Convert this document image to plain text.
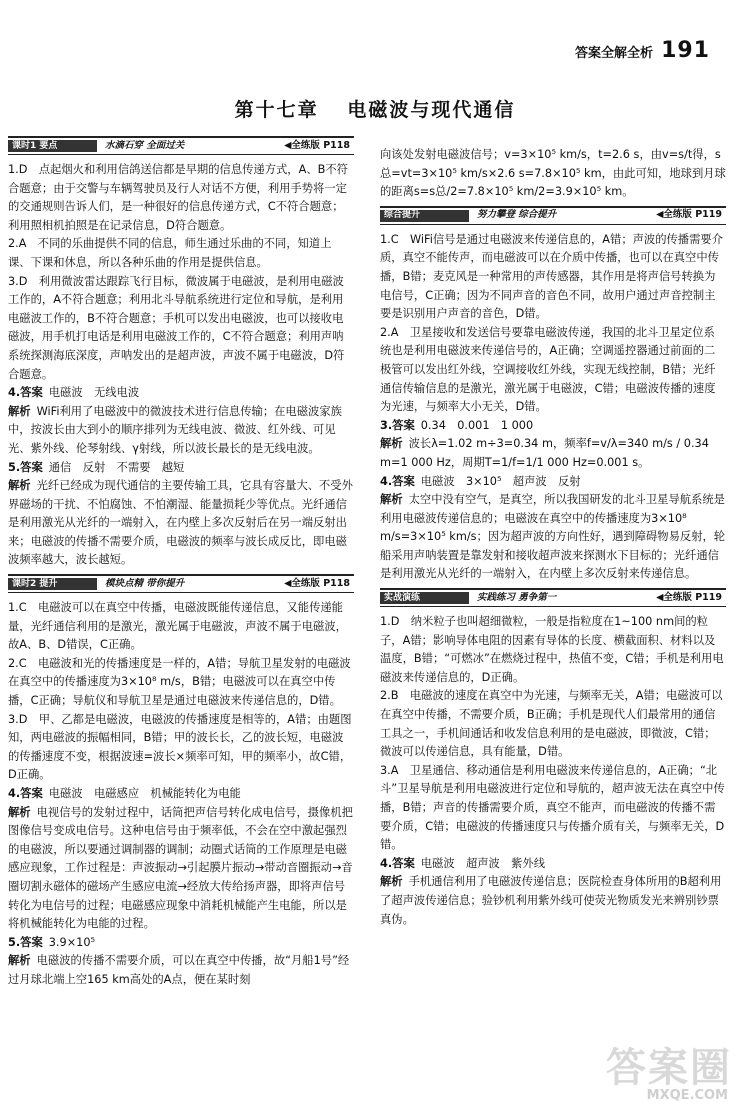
答案全解全析 191
第十七章 电磁波与现代通信
课时1 要点	水滴石穿 全面过关	◀全练版 P118

1.D　点起烟火和利用信鸽送信都是早期的信息传递方式，A、B不符合题意；由于交警与车辆驾驶员及行人对话不方便，利用手势将一定的交通规则告诉人们，是一种很好的信息传递方式，C不符合题意；利用照相机拍照是在记录信息，D符合题意。

2.A　不同的乐曲提供不同的信息，师生通过乐曲的不同，知道上课、下课和休息，所以各种乐曲的作用是提供信息。

3.D　利用微波雷达跟踪飞行目标，微波属于电磁波，是利用电磁波工作的，A不符合题意；利用北斗导航系统进行定位和导航，是利用电磁波工作的，B不符合题意；手机可以发出电磁波，也可以接收电磁波，用手机打电话是利用电磁波工作的，C不符合题意；利用声呐系统探测海底深度，声呐发出的是超声波，声波不属于电磁波，D符合题意。

4.答案 电磁波　无线电波

解析 WiFi利用了电磁波中的微波技术进行信息传输；在电磁波家族中，按波长由大到小的顺序排列为无线电波、微波、红外线、可见光、紫外线、伦琴射线、γ射线，所以波长最长的是无线电波。

5.答案 通信　反射　不需要　越短

解析 光纤已经成为现代通信的主要传输工具，它具有容量大、不受外界磁场的干扰、不怕腐蚀、不怕潮湿、能量损耗少等优点。光纤通信是利用激光从光纤的一端射入，在内壁上多次反射后在另一端反射出来；电磁波的传播不需要介质，电磁波的频率与波长成反比，即电磁波频率越大，波长越短。

课时2 提升	模块点精 带你提升	◀全练版 P118

1.C　电磁波可以在真空中传播，电磁波既能传递信息，又能传递能量，光纤通信利用的是激光，激光属于电磁波，声波不属于电磁波，故A、B、D错误，C正确。

2.C　电磁波和光的传播速度是一样的，A错；导航卫星发射的电磁波在真空中的传播速度为3×10⁸ m/s，B错；电磁波可以在真空中传播，C正确；导航仪和导航卫星是通过电磁波来传递信息的，D错。

3.D　甲、乙都是电磁波，电磁波的传播速度是相等的，A错；由题图知，两电磁波的振幅相同，B错；甲的波长长，乙的波长短，电磁波的传播速度不变，根据波速=波长×频率可知，甲的频率小，故C错，D正确。

4.答案 电磁波　电磁感应　机械能转化为电能

解析 电视信号的发射过程中，话筒把声信号转化成电信号，摄像机把图像信号变成电信号。这种电信号由于频率低，不会在空中激起强烈的电磁波，所以要通过调制器的调制；动圈式话筒的工作原理是电磁感应现象，工作过程是：声波振动→引起膜片振动→带动音圈振动→音圈切割永磁体的磁场产生感应电流→经放大传给扬声器，即将声信号转化为电信号的过程；电磁感应现象中消耗机械能产生电能，所以是将机械能转化为电能的过程。

5.答案 3.9×10⁵

解析 电磁波的传播不需要介质，可以在真空中传播，故“月船1号”经过月球北端上空165 km高处的A点，便在某时刻

向该处发射电磁波信号；v=3×10⁵ km/s，t=2.6 s，由v=s/t得，s总=vt=3×10⁵ km/s×2.6 s=7.8×10⁵ km，由此可知，地球到月球的距离s=s总/2=7.8×10⁵ km/2=3.9×10⁵ km。

综合提升	努力攀登 综合提升	◀全练版 P119

1.C　WiFi信号是通过电磁波来传递信息的，A错；声波的传播需要介质，真空不能传声，而电磁波可以在介质中传播，也可以在真空中传播，B错；麦克风是一种常用的声传感器，其作用是将声信号转换为电信号，C正确；因为不同声音的音色不同，故用户通过声音控制主要是识别用户声音的音色，D错。

2.A　卫星接收和发送信号要靠电磁波传递，我国的北斗卫星定位系统也是利用电磁波来传递信号的，A正确；空调遥控器通过前面的二极管可以发出红外线，空调接收红外线，实现无线控制，B错；光纤通信传输信息的是激光，激光属于电磁波，C错；电磁波传播的速度为光速，与频率大小无关，D错。

3.答案 0.34　0.001　1 000

解析 波长λ=1.02 m÷3=0.34 m，频率f=v/λ=340 m/s / 0.34 m=1 000 Hz，周期T=1/f=1/1 000 Hz=0.001 s。

4.答案 电磁波　3×10⁵　超声波　反射

解析 太空中没有空气，是真空，所以我国研发的北斗卫星导航系统是利用电磁波传递信息的；电磁波在真空中的传播速度为3×10⁸ m/s=3×10⁵ km/s；因为超声波的方向性好，遇到障碍物易反射，轮船采用声呐装置是靠发射和接收超声波来探测水下目标的；光纤通信是利用激光从光纤的一端射入，在内壁上多次反射来传递信息。

实战演练	实践练习 勇争第一	◀全练版 P119

1.D　纳米粒子也叫超细微粒，一般是指粒度在1~100 nm间的粒子，A错；影响导体电阻的因素有导体的长度、横截面积、材料以及温度，B错；“可燃冰”在燃烧过程中，热值不变，C错；手机是利用电磁波来传递信息的，D正确。

2.B　电磁波的速度在真空中为光速，与频率无关，A错；电磁波可以在真空中传播，不需要介质，B正确；手机是现代人们最常用的通信工具之一，手机间通话和收发信息利用的是电磁波，即微波，C错；微波可以传递信息，具有能量，D错。

3.A　卫星通信、移动通信是利用电磁波来传递信息的，A正确；“北斗”卫星导航是利用电磁波进行定位和导航的，超声波无法在真空中传播，B错；声音的传播需要介质，真空不能声，而电磁波的传播不需要介质，C错；电磁波的传播速度只与传播介质有关，与频率无关，D错。

4.答案 电磁波　超声波　紫外线

解析 手机通信利用了电磁波传递信息；医院检查身体所用的B超利用了超声波传递信息；验钞机利用紫外线可使荧光物质发光来辨别钞票真伪。

答案圈
MXQE.COM
